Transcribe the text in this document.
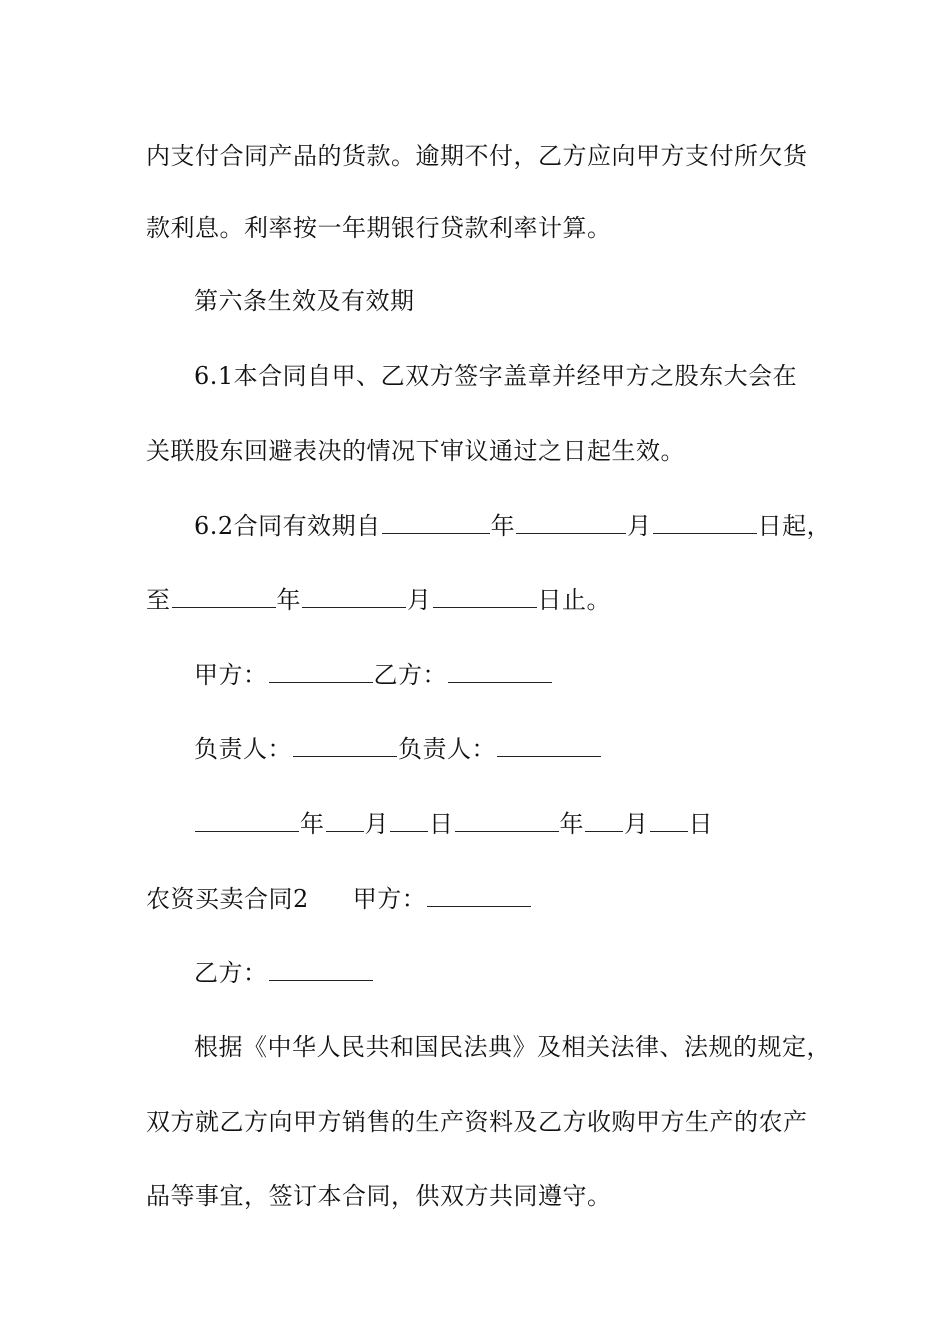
内支付合同产品的货款。逾期不付，乙方应向甲方支付所欠货
款利息。利率按一年期银行贷款利率计算。
第六条生效及有效期
6.1本合同自甲、乙双方签字盖章并经甲方之股东大会在
关联股东回避表决的情况下审议通过之日起生效。
6.2合同有效期自	年	月	日起，
至	年	月	日止。
甲方：	乙方：
负责人：	负责人：
年 月 日	年 月 日
农资买卖合同2 甲方：
乙方：
根据《中华人民共和国民法典》及相关法律、法规的规定，
双方就乙方向甲方销售的生产资料及乙方收购甲方生产的农产
品等事宜，签订本合同，供双方共同遵守。
